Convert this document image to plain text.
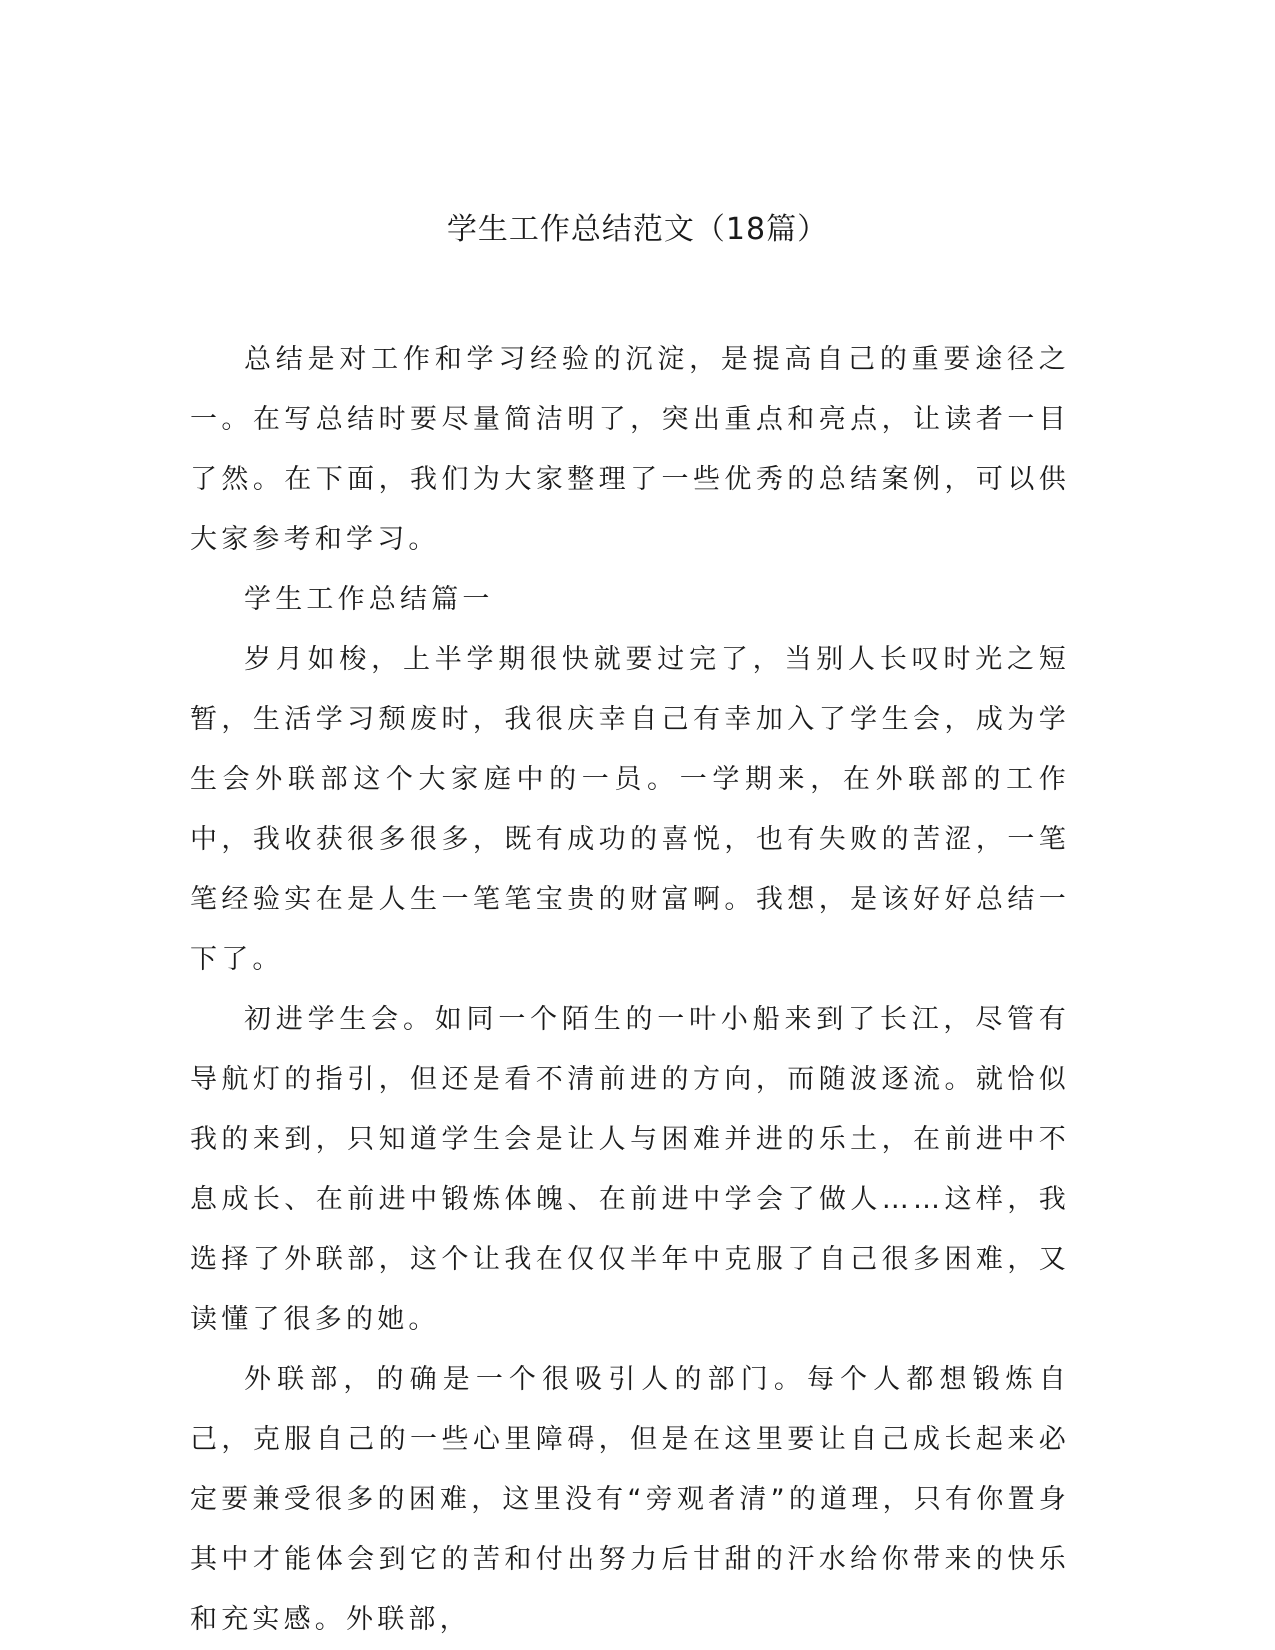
学生工作总结范文（18篇）

总结是对工作和学习经验的沉淀，是提高自己的重要途径之一。在写总结时要尽量简洁明了，突出重点和亮点，让读者一目了然。在下面，我们为大家整理了一些优秀的总结案例，可以供大家参考和学习。

学生工作总结篇一

岁月如梭，上半学期很快就要过完了，当别人长叹时光之短暂，生活学习颓废时，我很庆幸自己有幸加入了学生会，成为学生会外联部这个大家庭中的一员。一学期来，在外联部的工作中，我收获很多很多，既有成功的喜悦，也有失败的苦涩，一笔笔经验实在是人生一笔笔宝贵的财富啊。我想，是该好好总结一下了。

初进学生会。如同一个陌生的一叶小船来到了长江，尽管有导航灯的指引，但还是看不清前进的方向，而随波逐流。就恰似我的来到，只知道学生会是让人与困难并进的乐土，在前进中不息成长、在前进中锻炼体魄、在前进中学会了做人……这样，我选择了外联部，这个让我在仅仅半年中克服了自己很多困难，又读懂了很多的她。

外联部，的确是一个很吸引人的部门。每个人都想锻炼自己，克服自己的一些心里障碍，但是在这里要让自己成长起来必定要兼受很多的困难，这里没有“旁观者清”的道理，只有你置身其中才能体会到它的苦和付出努力后甘甜的汗水给你带来的快乐和充实感。外联部，
